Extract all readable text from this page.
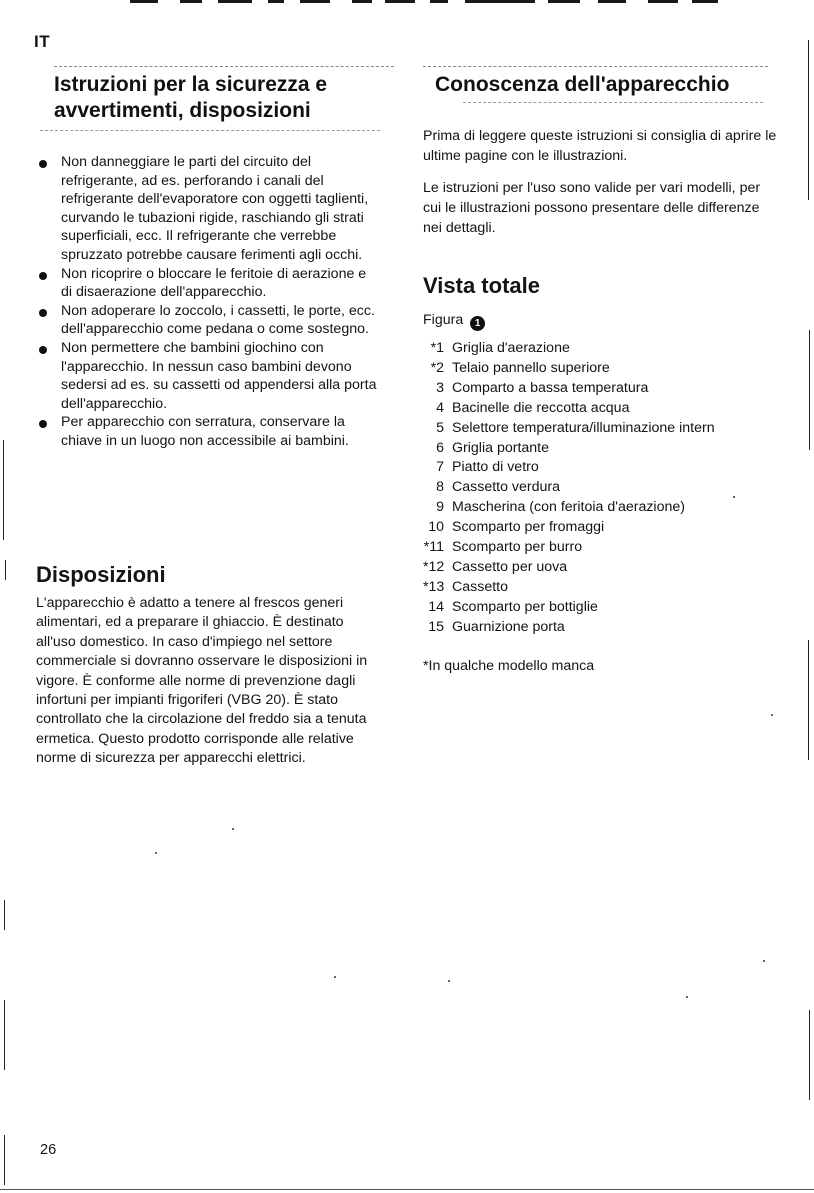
IT
Istruzioni per la sicurezza e avvertimenti, disposizioni
Non danneggiare le parti del circuito del refrigerante, ad es. perforando i canali del refrigerante dell'evaporatore con oggetti taglienti, curvando le tubazioni rigide, raschiando gli strati superficiali, ecc. Il refrigerante che verrebbe spruzzato potrebbe causare ferimenti agli occhi.
Non ricoprire o bloccare le feritoie di aerazione e di disaerazione dell'apparecchio.
Non adoperare lo zoccolo, i cassetti, le porte, ecc. dell'apparecchio come pedana o come sostegno.
Non permettere che bambini giochino con l'apparecchio. In nessun caso bambini devono sedersi ad es. su cassetti od appendersi alla porta dell'apparecchio.
Per apparecchio con serratura, conservare la chiave in un luogo non accessibile ai bambini.
Disposizioni

L'apparecchio è adatto a tenere al frescos generi alimentari, ed a preparare il ghiaccio. È destinato all'uso domestico. In caso d'impiego nel settore commerciale si dovranno osservare le disposizioni in vigore. È conforme alle norme di prevenzione dagli infortuni per impianti frigoriferi (VBG 20). È stato controllato che la circolazione del freddo sia a tenuta ermetica. Questo prodotto corrisponde alle relative norme di sicurezza per apparecchi elettrici.

Conoscenza dell'apparecchio

Prima di leggere queste istruzioni si consiglia di aprire le ultime pagine con le illustrazioni.

Le istruzioni per l'uso sono valide per vari modelli, per cui le illustrazioni possono presentare delle differenze nei dettagli.

Vista totale
Figura 1
*1 Griglia d'aerazione
*2 Telaio pannello superiore
3 Comparto a bassa temperatura
4 Bacinelle die reccotta acqua
5 Selettore temperatura/illuminazione intern
6 Griglia portante
7 Piatto di vetro
8 Cassetto verdura
9 Mascherina (con feritoia d'aerazione)
10 Scomparto per fromaggi
*11 Scomparto per burro
*12 Cassetto per uova
*13 Cassetto
14 Scomparto per bottiglie
15 Guarnizione porta
*In qualche modello manca
26
